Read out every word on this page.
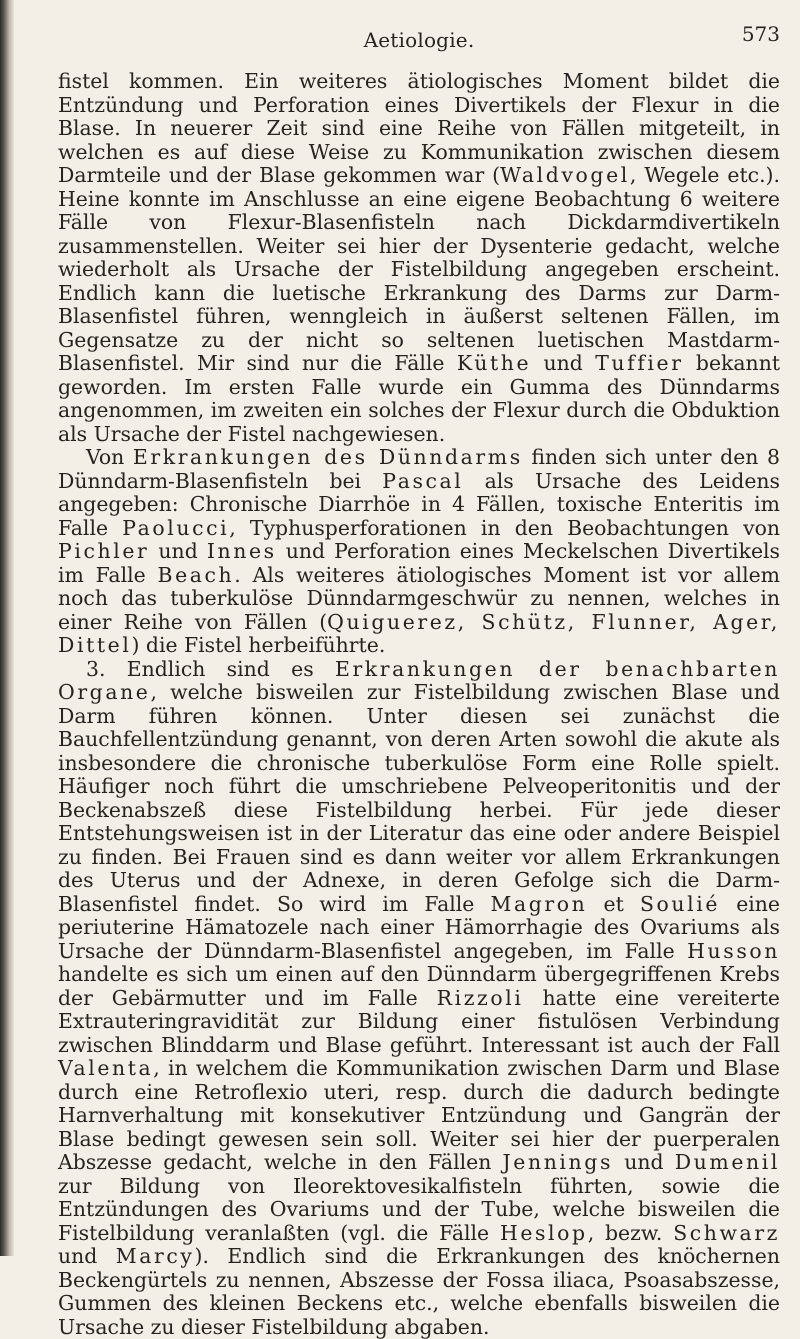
Aetiologie.	573

fistel kommen. Ein weiteres ätiologisches Moment bildet die Entzündung und Perforation eines Divertikels der Flexur in die Blase. In neuerer Zeit sind eine Reihe von Fällen mitgeteilt, in welchen es auf diese Weise zu Kommunikation zwischen diesem Darmteile und der Blase gekommen war (Waldvogel, Wegele etc.). Heine konnte im Anschlusse an eine eigene Beobachtung 6 weitere Fälle von Flexur-Blasenfisteln nach Dickdarmdivertikeln zusammenstellen. Weiter sei hier der Dysenterie gedacht, welche wiederholt als Ursache der Fistelbildung angegeben erscheint. Endlich kann die luetische Erkrankung des Darms zur Darm-Blasenfistel führen, wenngleich in äußerst seltenen Fällen, im Gegensatze zu der nicht so seltenen luetischen Mastdarm-Blasenfistel. Mir sind nur die Fälle Küthe und Tuffier bekannt geworden. Im ersten Falle wurde ein Gumma des Dünndarms angenommen, im zweiten ein solches der Flexur durch die Obduktion als Ursache der Fistel nachgewiesen.

Von Erkrankungen des Dünndarms finden sich unter den 8 Dünndarm-Blasenfisteln bei Pascal als Ursache des Leidens angegeben: Chronische Diarrhöe in 4 Fällen, toxische Enteritis im Falle Paolucci, Typhusperforationen in den Beobachtungen von Pichler und Innes und Perforation eines Meckelschen Divertikels im Falle Beach. Als weiteres ätiologisches Moment ist vor allem noch das tuberkulöse Dünndarmgeschwür zu nennen, welches in einer Reihe von Fällen (Quiguerez, Schütz, Flunner, Ager, Dittel) die Fistel herbeiführte.

3. Endlich sind es Erkrankungen der benachbarten Organe, welche bisweilen zur Fistelbildung zwischen Blase und Darm führen können. Unter diesen sei zunächst die Bauchfellentzündung genannt, von deren Arten sowohl die akute als insbesondere die chronische tuberkulöse Form eine Rolle spielt. Häufiger noch führt die umschriebene Pelveoperitonitis und der Beckenabszeß diese Fistelbildung herbei. Für jede dieser Entstehungsweisen ist in der Literatur das eine oder andere Beispiel zu finden. Bei Frauen sind es dann weiter vor allem Erkrankungen des Uterus und der Adnexe, in deren Gefolge sich die Darm-Blasenfistel findet. So wird im Falle Magron et Soulié eine periuterine Hämatozele nach einer Hämorrhagie des Ovariums als Ursache der Dünndarm-Blasenfistel angegeben, im Falle Husson handelte es sich um einen auf den Dünndarm übergegriffenen Krebs der Gebärmutter und im Falle Rizzoli hatte eine vereiterte Extrauteringravidität zur Bildung einer fistulösen Verbindung zwischen Blinddarm und Blase geführt. Interessant ist auch der Fall Valenta, in welchem die Kommunikation zwischen Darm und Blase durch eine Retroflexio uteri, resp. durch die dadurch bedingte Harnverhaltung mit konsekutiver Entzündung und Gangrän der Blase bedingt gewesen sein soll. Weiter sei hier der puerperalen Abszesse gedacht, welche in den Fällen Jennings und Dumenil zur Bildung von Ileorektovesikalfisteln führten, sowie die Entzündungen des Ovariums und der Tube, welche bisweilen die Fistelbildung veranlaßten (vgl. die Fälle Heslop, bezw. Schwarz und Marcy). Endlich sind die Erkrankungen des knöchernen Beckengürtels zu nennen, Abszesse der Fossa iliaca, Psoasabszesse, Gummen des kleinen Beckens etc., welche ebenfalls bisweilen die Ursache zu dieser Fistelbildung abgaben.
